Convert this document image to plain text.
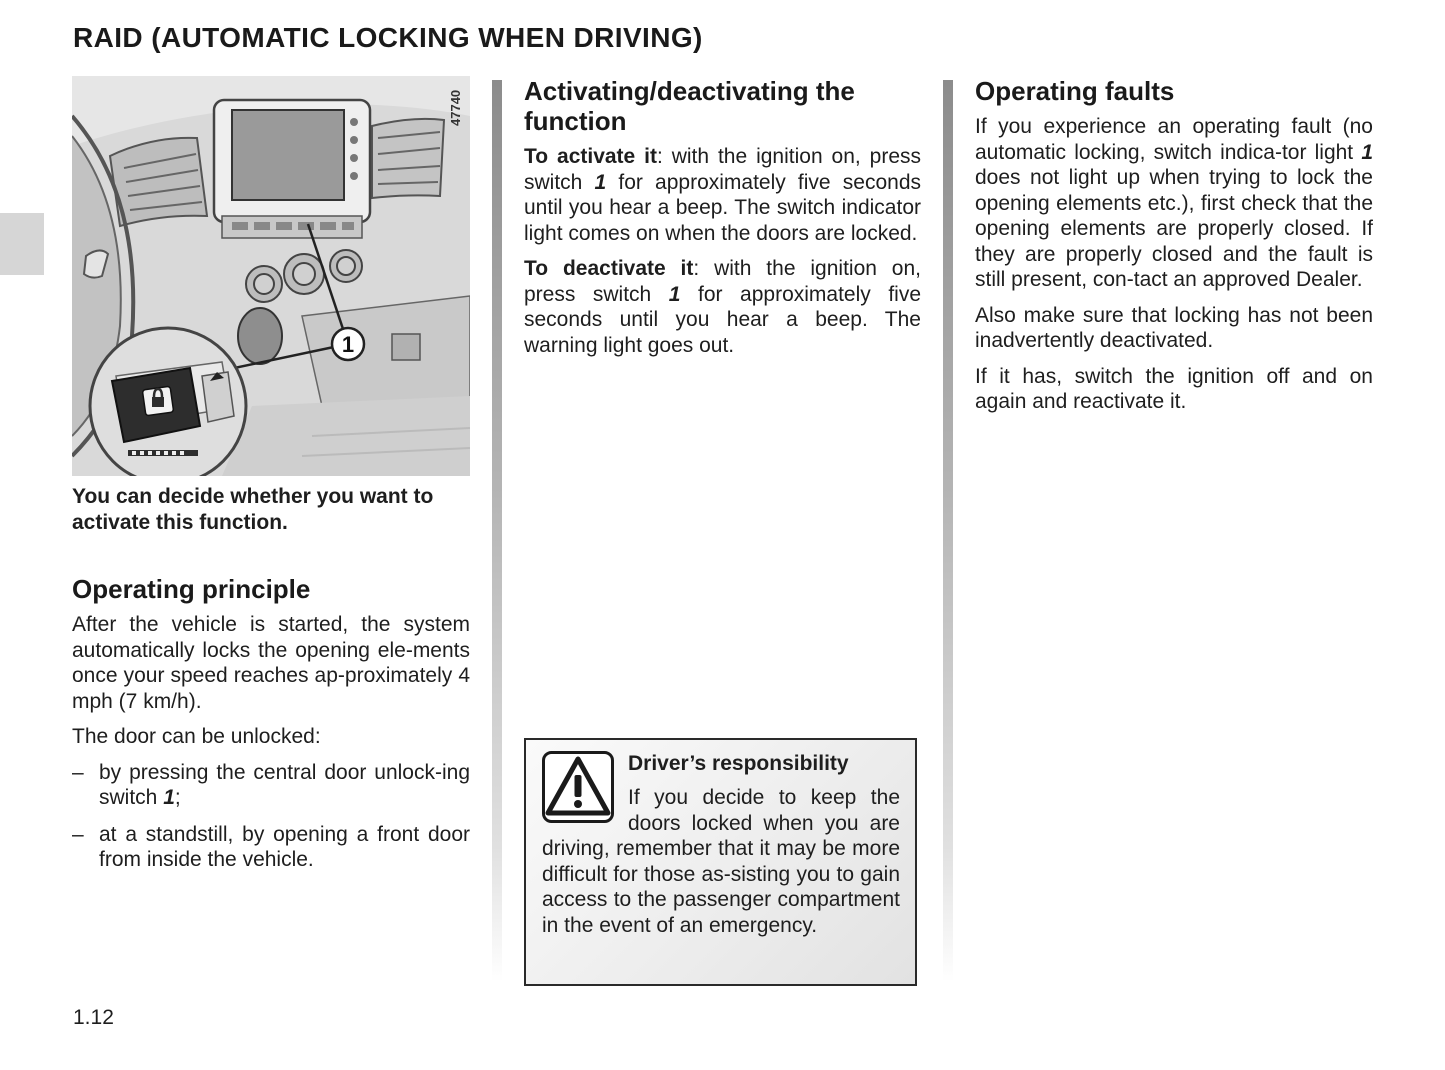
RAID (AUTOMATIC LOCKING WHEN DRIVING)
1
47740
You can decide whether you want to activate this function.
Operating principle

After the vehicle is started, the system automatically locks the opening ele-ments once your speed reaches ap-proximately 4 mph (7 km/h).

The door can be unlocked:

– by pressing the central door unlock-ing switch 1;
– at a standstill, by opening a front door from inside the vehicle.
Activating/deactivating the function

To activate it: with the ignition on, press switch 1 for approximately five seconds until you hear a beep. The switch indicator light comes on when the doors are locked.

To deactivate it: with the ignition on, press switch 1 for approximately five seconds until you hear a beep. The warning light goes out.

Driver’s responsibility

If you decide to keep the doors locked when you are driving, remember that it may be more difficult for those as-sisting you to gain access to the passenger compartment in the event of an emergency.

Operating faults

If you experience an operating fault (no automatic locking, switch indica-tor light 1 does not light up when trying to lock the opening elements etc.), first check that the opening elements are properly closed. If they are properly closed and the fault is still present, con-tact an approved Dealer.

Also make sure that locking has not been inadvertently deactivated.

If it has, switch the ignition off and on again and reactivate it.

1.12
